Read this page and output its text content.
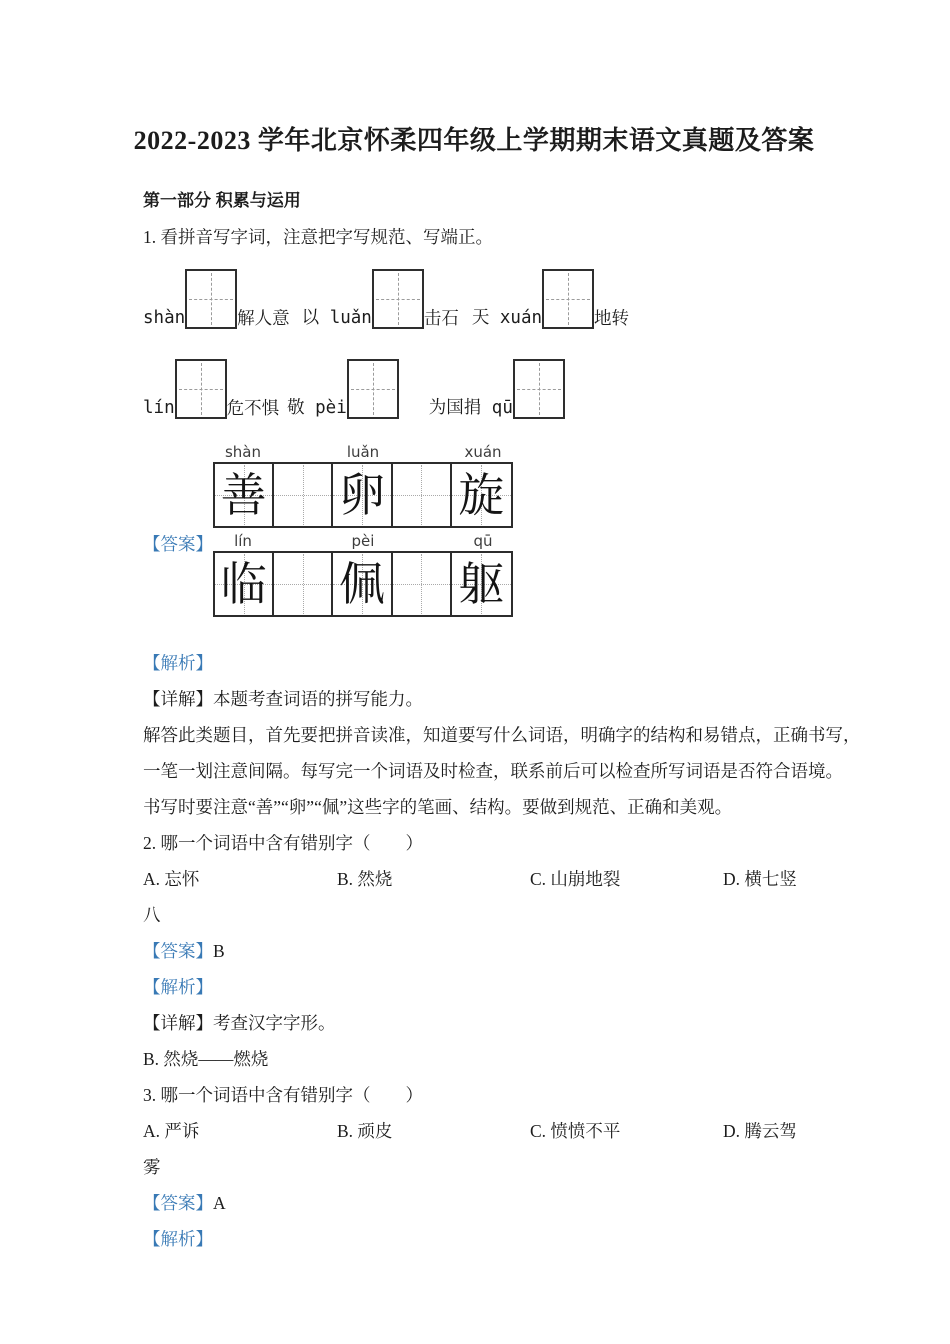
2022-2023 学年北京怀柔四年级上学期期末语文真题及答案
第一部分 积累与运用

1. 看拼音写字词，注意把字写规范、写端正。

shàn	解人意 以 luǎn	击石 天 xuán	地转
lín	危不惧 敬 pèi	为国捐 qū
【答案】
shàn	luǎn	xuán
善 卵 旋
lín	pèi	qū
临 佩 躯

【解析】

【详解】本题考查词语的拼写能力。

解答此类题目，首先要把拼音读准，知道要写什么词语，明确字的结构和易错点，正确书写，

一笔一划注意间隔。每写完一个词语及时检查，联系前后可以检查所写词语是否符合语境。

书写时要注意“善”“卵”“佩”这些字的笔画、结构。要做到规范、正确和美观。

2. 哪一个词语中含有错别字（　　）

A. 忘怀	B. 然烧	C. 山崩地裂	D. 横七竖

八

【答案】B

【解析】

【详解】考查汉字字形。

B. 然烧——燃烧

3. 哪一个词语中含有错别字（　　）

A. 严诉	B. 顽皮	C. 愤愤不平	D. 腾云驾

雾

【答案】A

【解析】
